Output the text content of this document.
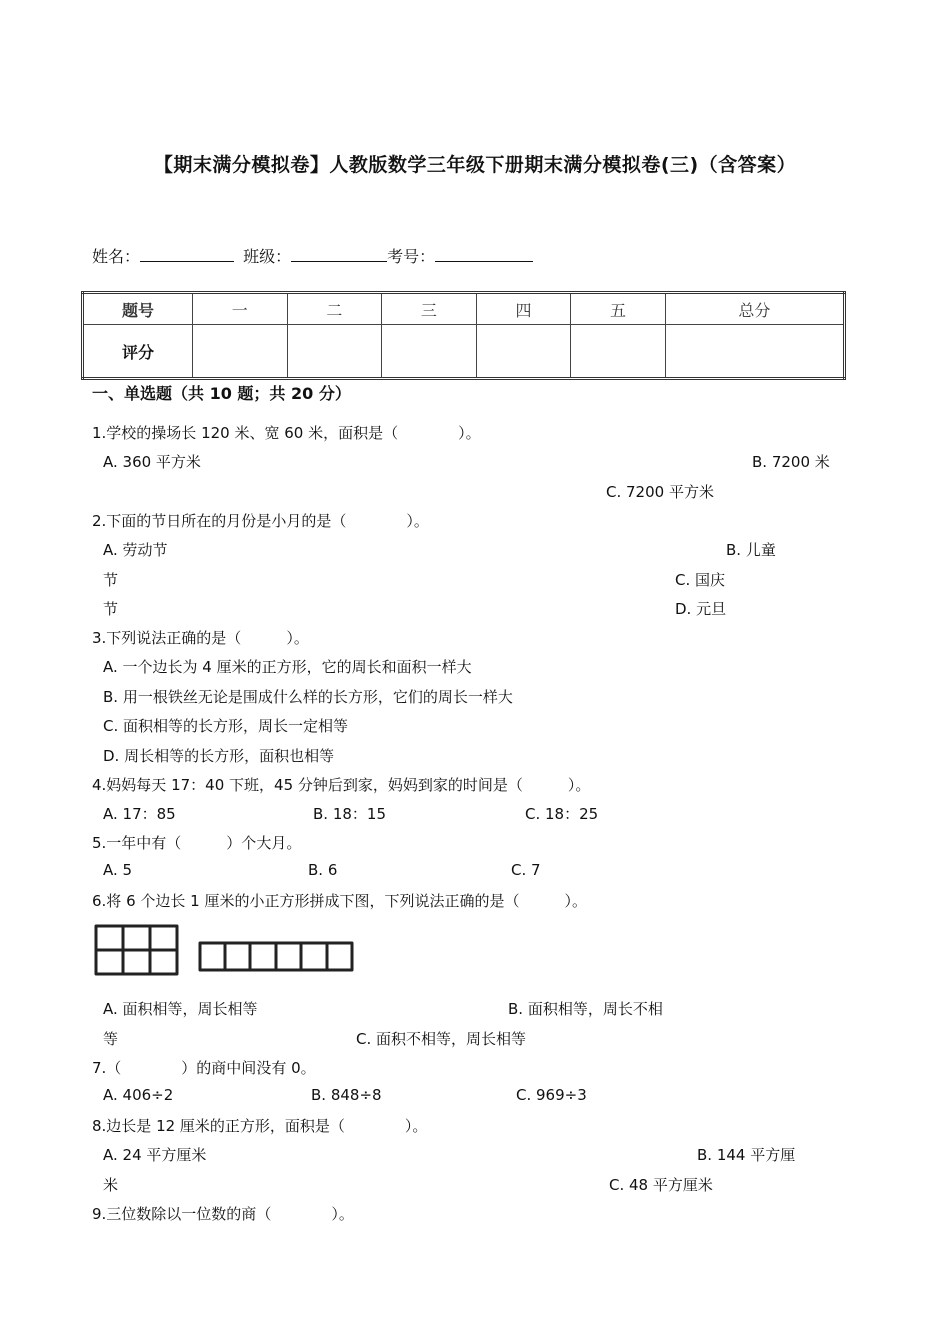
【期末满分模拟卷】人教版数学三年级下册期末满分模拟卷(三)（含答案）
姓名：	班级：	考号：
题号	一	二	三	四	五	总分
评分						
一、单选题（共 10 题；共 20 分）
1.学校的操场长 120 米、宽 60 米，面积是（　　　　）。
A. 360 平方米	B. 7200 米
C. 7200 平方米
2.下面的节日所在的月份是小月的是（　　　　）。
A. 劳动节	B. 儿童
节	C. 国庆
节	D. 元旦
3.下列说法正确的是（　　　）。
A. 一个边长为 4 厘米的正方形，它的周长和面积一样大
B. 用一根铁丝无论是围成什么样的长方形，它们的周长一样大
C. 面积相等的长方形，周长一定相等
D. 周长相等的长方形，面积也相等
4.妈妈每天 17：40 下班，45 分钟后到家，妈妈到家的时间是（　　　）。
A. 17：85	B. 18：15	C. 18：25
5.一年中有（　　　）个大月。
A. 5	B. 6	C. 7
6.将 6 个边长 1 厘米的小正方形拼成下图，下列说法正确的是（　　　）。
A. 面积相等，周长相等	B. 面积相等，周长不相
等	C. 面积不相等，周长相等
7.（　　　　）的商中间没有 0。
A. 406÷2	B. 848÷8	C. 969÷3
8.边长是 12 厘米的正方形，面积是（　　　　）。
A. 24 平方厘米	B. 144 平方厘
米	C. 48 平方厘米
9.三位数除以一位数的商（　　　　）。
